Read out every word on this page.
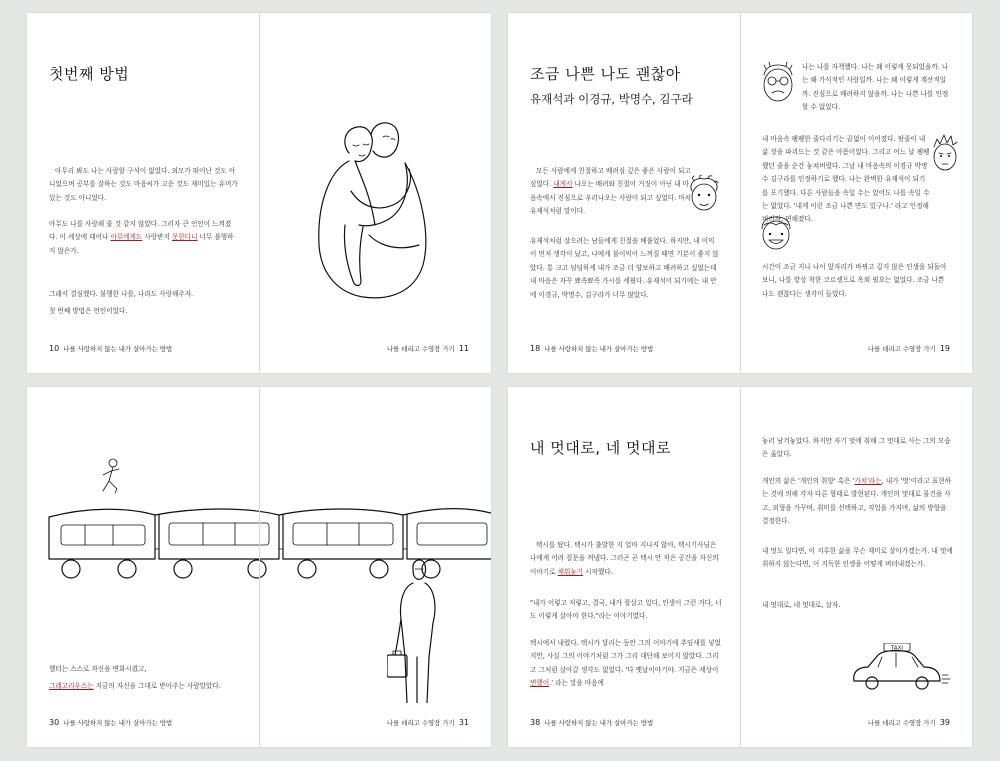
첫번째 방법

아무리 봐도 나는 사랑할 구석이 없었다. 외모가 뛰어난 것도 아니었으며 공부를 잘하는 것도 마음씨가 고운 것도 재미있는 유머가 있는 것도 아니었다.

아무도 나를 사랑해 줄 것 같지 않았다. 그러자 큰 언인이 느껴졌다. 이 세상에 태어나 아무에게도 사랑받지 못한다니 너무 불행하지 않은가.

그래서 결심했다. 불행한 나를, 나라도 사랑해주자.

첫 번째 방법은 언인이었다.

10 나를 사랑하지 않는 내가 살아가는 방법	나를 데리고 수영장 가기 11
조금 나쁜 나도 괜찮아
유재석과 이경규, 박명수, 김구라

모든 사람에게 친절하고 배려심 깊은 좋은 사람이 되고 싶었다. 내게서 나오는 배려와 친절이 거짓이 아닌 내 마음속에서 진심으로 우러나오는 사람이 되고 싶었다. 마치 유재석처럼 말이다.

유재석처럼 살으려는 남들에게 친절을 베풀었다. 하지만, 내 이익이 먼저 생각이 났고, 나에게 불이익이 느껴질 때면 기분이 좋지 않았다. 통 크고 덤덤하게 내가 조금 더 양보하고 배려하고 싶었는데 내 마음은 자꾸 뾰족뾰족 가시를 세웠다. 유재석이 되기에는 내 안에 이경규, 박명수, 김구라가 너무 많았다.

18 나를 사랑하지 않는 내가 살아가는 방법

나는 나를 자책했다. 나는 왜 이렇게 못되었을까. 나는 왜 가식적인 사람일까. 나는 왜 이렇게 계산적일까. 진심으로 배려하지 않을까. 나는 나쁜 나를 인정할 수 없었다.

내 마음속 팽팽한 줄다리기는 끝없이 이어졌다. 팟줄이 내 삶 장을 파괴드는 것 같은 아픔이었다. 그리고 어느 날 팽팽했던 줄을 순간 놓쳐버렸다. 그날 내 마음속의 이경규 박명수 김구라를 인정하기로 했다. 나는 완벽한 유재석이 되기를 포기했다. 다른 사람들을 속일 수는 있어도 나를 속일 수는 없었다. '내게 이런 조금 나쁜 면도 있구나.' 라고 인정해버리자, 편해졌다.

시간이 조금 지나 나이 앞자리가 바뀌고 깊지 않은 인생을 되돌아보니, 나를 항상 착한 코르셋으로 옥죄 필요는 없었다. 조금 나쁜 나도 괜찮다는 생각이 들었다.

나를 데리고 수영장 가기 19

헬터는 스스로 자신을 변화시켰고,

그레고리우스는 지금의 자신을 그대로 받아주는 사람말았다.

30 나를 사랑하지 않는 내가 살아가는 방법	나를 데리고 수영장 가기 31
내 멋대로, 네 멋대로

택시를 탔다. 택시가 출발한 지 얼마 지나지 않아, 택시기사님은 나에게 어려 질문을 꺼냈다. 그러곤 곧 택시 안 작은 공간을 자신의 이야기로 채워놓기 시작했다.

"내가 이렇고 저렇고, 결국, 내가 잘살고 있다, 인생이 그런 거다, 너도 이렇게 살아야 한다."라는 이야기였다.

택시에서 내렸다. 택시가 달리는 동안 그의 이야기에 추임새를 넣었지만, 사실 그의 이야기처럼 그가 그리 대단해 보이지 않았다. 그리고 그처럼 살아갈 생각도 없었다. '다 옛날이야기야. 지금은 세상이 변했어.' 라는 말을 마음에

38 나를 사랑하지 않는 내가 살아가는 방법

놓러 남겨놓았다. 하지만 자기 멋에 취해 그 멋대로 사는 그의 모습은 옳았다.

개인의 삶은 '개인의 취향' 혹은 '가치'라는, 내가 '멋'이라고 표현하는 것에 의해 각자 다른 형태로 발현된다. 개인의 멋대로 물건을 사고, 외형을 가꾸며, 취미를 선택하고, 직업을 가지며, 삶의 방향을 결정한다.

내 멋도 일다면, 이 지루한 삶을 무슨 재미로 살아가겠는가. 내 멋에 취하지 않는다면, 이 지독한 인생을 어떻게 버텨내겠는가.

내 멋대로, 네 멋대로, 살자.

TAXI
나를 데리고 수영장 가기 39
